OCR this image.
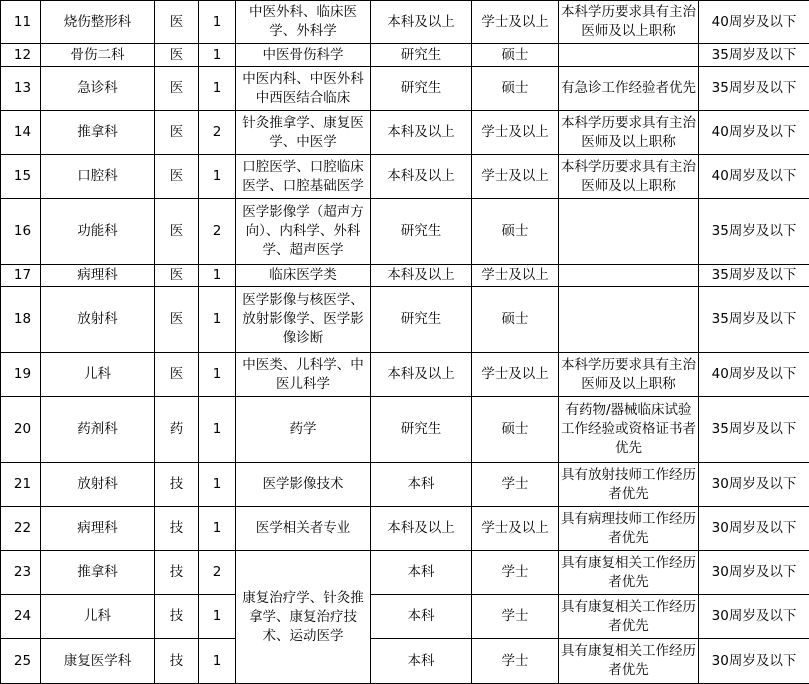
11	烧伤整形科	医	1	中医外科、临床医学、外科学	本科及以上	学士及以上	本科学历要求具有主治医师及以上职称	40周岁及以下
12	骨伤二科	医	1	中医骨伤科学	研究生	硕士		35周岁及以下
13	急诊科	医	1	中医内科、中医外科中西医结合临床	研究生	硕士	有急诊工作经验者优先	35周岁及以下
14	推拿科	医	2	针灸推拿学、康复医学、中医学	本科及以上	学士及以上	本科学历要求具有主治医师及以上职称	40周岁及以下
15	口腔科	医	1	口腔医学、口腔临床医学、口腔基础医学	本科及以上	学士及以上	本科学历要求具有主治医师及以上职称	40周岁及以下
16	功能科	医	2	医学影像学（超声方向）、内科学、外科学、超声医学	研究生	硕士		35周岁及以下
17	病理科	医	1	临床医学类	本科及以上	学士及以上		35周岁及以下
18	放射科	医	1	医学影像与核医学、放射影像学、医学影像诊断	研究生	硕士		35周岁及以下
19	儿科	医	1	中医类、儿科学、中医儿科学	本科及以上	学士及以上	本科学历要求具有主治医师及以上职称	40周岁及以下
20	药剂科	药	1	药学	研究生	硕士	有药物/器械临床试验工作经验或资格证书者优先	35周岁及以下
21	放射科	技	1	医学影像技术	本科	学士	具有放射技师工作经历者优先	30周岁及以下
22	病理科	技	1	医学相关者专业	本科及以上	学士及以上	具有病理技师工作经历者优先	30周岁及以下
23	推拿科	技	2	康复治疗学、针灸推拿学、康复治疗技术、运动医学	本科	学士	具有康复相关工作经历者优先	30周岁及以下
24	儿科	技	1		本科	学士	具有康复相关工作经历者优先	30周岁及以下
25	康复医学科	技	1		本科	学士	具有康复相关工作经历者优先	30周岁及以下
